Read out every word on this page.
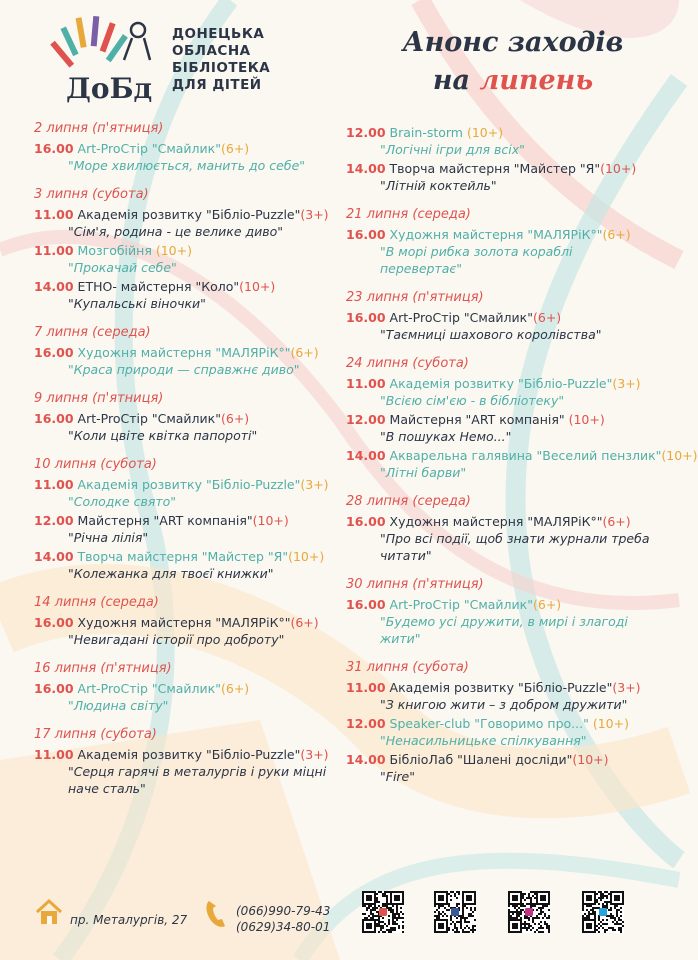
ДоБд
ДОНЕЦЬКА
ОБЛАСНА
БІБЛІОТЕКА
ДЛЯ ДІТЕЙ
Анонс заходів
на липень
2 липня (п'ятниця)
16.00 Art-ProСтір "Смайлик"(6+)
"Море хвилюється, манить до себе"
3 липня (субота)
11.00 Академія розвитку "Бібліо-Puzzle"(3+)
"Сім'я, родина - це велике диво"
11.00 Мозгобійня (10+)
"Прокачай себе"
14.00 ЕТНО- майстерня "Коло"(10+)
"Купальські віночки"
7 липня (середа)
16.00 Художня майстерня "МАЛЯРіК°"(6+)
"Краса природи — справжнє диво"
9 липня (п'ятниця)
16.00 Art-ProСтір "Смайлик"(6+)
"Коли цвіте квітка папороті"
10 липня (субота)
11.00 Академія розвитку "Бібліо-Puzzle"(3+)
"Солодке свято"
12.00 Майстерня "ART компанія"(10+)
"Річна лілія"
14.00 Творча майстерня "Майстер "Я"(10+)
"Колежанка для твоєї книжки"
14 липня (середа)
16.00 Художня майстерня "МАЛЯРіК°"(6+)
"Невигадані історії про доброту"
16 липня (п'ятниця)
16.00 Art-ProСтір "Смайлик"(6+)
"Людина світу"
17 липня (субота)
11.00 Академія розвитку "Бібліо-Puzzle"(3+)
"Серця гарячі в металургів і руки міцні наче сталь"
12.00 Brain-storm (10+)
"Логічні ігри для всіх"
14.00 Творча майстерня "Майстер "Я"(10+)
"Літній коктейль"
21 липня (середа)
16.00 Художня майстерня "МАЛЯРіК°"(6+)
"В морі рибка золота кораблі перевертає"
23 липня (п'ятниця)
16.00 Art-ProСтір "Смайлик"(6+)
"Таємниці шахового королівства"
24 липня (субота)
11.00 Академія розвитку "Бібліо-Puzzle"(3+)
"Всією сім'єю - в бібліотеку"
12.00 Майстерня "ART компанія" (10+)
"В пошуках Немо..."
14.00 Акварельна галявина "Веселий пензлик"(10+)
"Літні барви"
28 липня (середа)
16.00 Художня майстерня "МАЛЯРіК°"(6+)
"Про всі події, щоб знати журнали треба читати"
30 липня (п'ятниця)
16.00 Art-ProСтір "Смайлик"(6+)
"Будемо усі дружити, в мирі і злагоді жити"
31 липня (субота)
11.00 Академія розвитку "Бібліо-Puzzle"(3+)
"З книгою жити – з добром дружити"
12.00 Speaker-club "Говоримо про..." (10+)
"Ненасильницьке спілкування"
14.00 БібліоЛаб "Шалені досліди"(10+)
"Fire"
пр. Металургів, 27
(066)990-79-43
(0629)34-80-01
